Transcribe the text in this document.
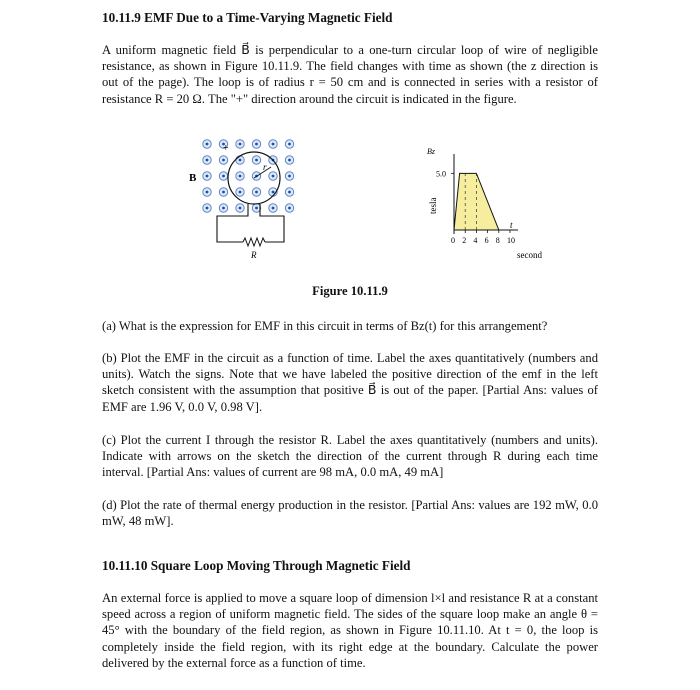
10.11.9 EMF Due to a Time-Varying Magnetic Field

A uniform magnetic field B⃗ is perpendicular to a one-turn circular loop of wire of negligible resistance, as shown in Figure 10.11.9. The field changes with time as shown (the z direction is out of the page). The loop is of radius r = 50 cm and is connected in series with a resistor of resistance R = 20 Ω. The "+" direction around the circuit is indicated in the figure.

r
+
B⃗
R
Bz
tesla
t
second
0 2 4 6 8 10
5.0
Figure 10.11.9

(a) What is the expression for EMF in this circuit in terms of Bz(t) for this arrangement?

(b) Plot the EMF in the circuit as a function of time. Label the axes quantitatively (numbers and units). Watch the signs. Note that we have labeled the positive direction of the emf in the left sketch consistent with the assumption that positive B⃗ is out of the paper. [Partial Ans: values of EMF are 1.96 V, 0.0 V, 0.98 V].

(c) Plot the current I through the resistor R. Label the axes quantitatively (numbers and units). Indicate with arrows on the sketch the direction of the current through R during each time interval. [Partial Ans: values of current are 98 mA, 0.0 mA, 49 mA]

(d) Plot the rate of thermal energy production in the resistor. [Partial Ans: values are 192 mW, 0.0 mW, 48 mW].

10.11.10 Square Loop Moving Through Magnetic Field

An external force is applied to move a square loop of dimension l×l and resistance R at a constant speed across a region of uniform magnetic field. The sides of the square loop make an angle θ = 45° with the boundary of the field region, as shown in Figure 10.11.10. At t = 0, the loop is completely inside the field region, with its right edge at the boundary. Calculate the power delivered by the external force as a function of time.
